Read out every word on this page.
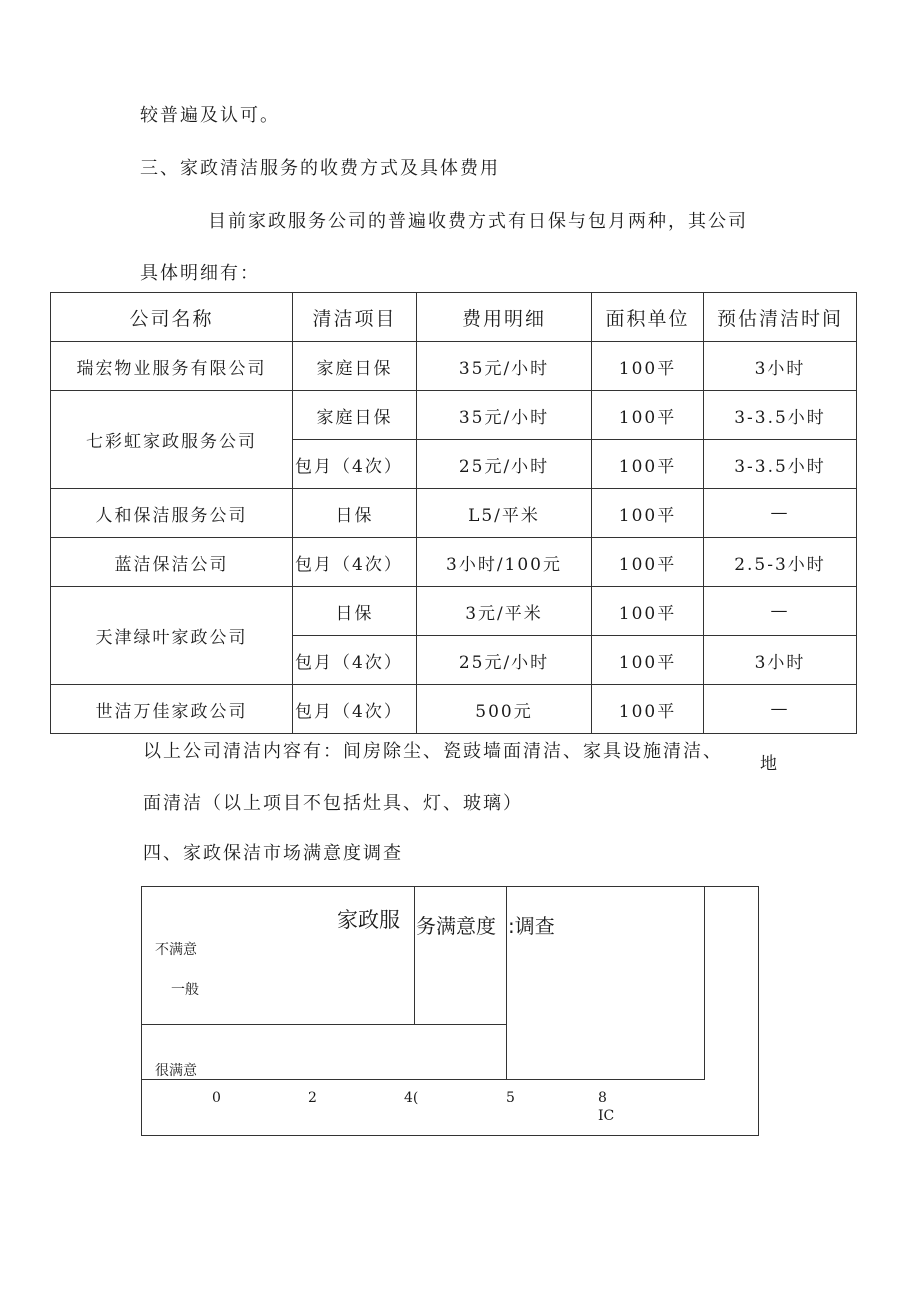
较普遍及认可。
三、家政清洁服务的收费方式及具体费用
目前家政服务公司的普遍收费方式有日保与包月两种，其公司
具体明细有：
公司名称	清洁项目	费用明细	面积单位	预估清洁时间
瑞宏物业服务有限公司	家庭日保	35元/小时	100平	3小时
七彩虹家政服务公司	家庭日保	35元/小时	100平	3-3.5小时
	包月（4次）	25元/小时	100平	3-3.5小时
人和保洁服务公司	日保	L5/平米	100平	—
蓝洁保洁公司	包月（4次）	3小时/100元	100平	2.5-3小时
天津绿叶家政公司	日保	3元/平米	100平	—
	包月（4次）	25元/小时	100平	3小时
世洁万佳家政公司	包月（4次）	500元	100平	—
以上公司清洁内容有：间房除尘、瓷豉墙面清洁、家具设施清洁、
地
面清洁（以上项目不包括灶具、灯、玻璃）
四、家政保洁市场满意度调查
家政服 务满意度 :调查
不满意
一般
很满意
0	2	4(	5	8
IC
